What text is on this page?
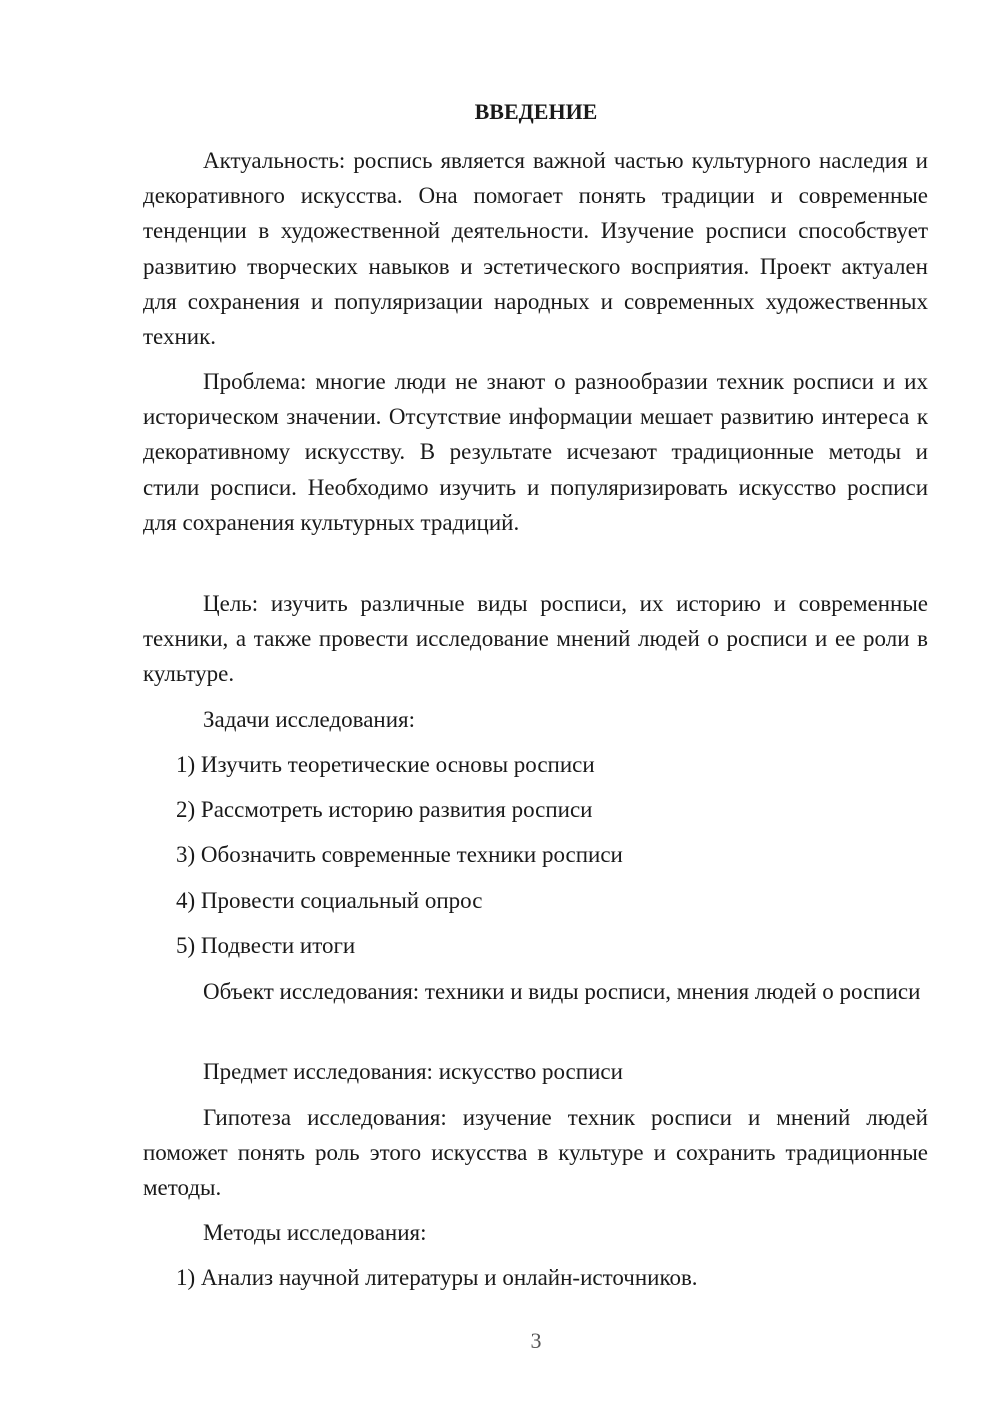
ВВЕДЕНИЕ

Актуальность: роспись является важной частью культурного наследия и декоративного искусства. Она помогает понять традиции и современные тенденции в художественной деятельности. Изучение росписи способствует развитию творческих навыков и эстетического восприятия. Проект актуален для сохранения и популяризации народных и современных художественных техник.

Проблема: многие люди не знают о разнообразии техник росписи и их историческом значении. Отсутствие информации мешает развитию интереса к декоративному искусству. В результате исчезают традиционные методы и стили росписи. Необходимо изучить и популяризировать искусство росписи для сохранения культурных традиций.

Цель: изучить различные виды росписи, их историю и современные техники, а также провести исследование мнений людей о росписи и ее роли в культуре.

Задачи исследования:

1) Изучить теоретические основы росписи

2) Рассмотреть историю развития росписи

3) Обозначить современные техники росписи

4) Провести социальный опрос

5) Подвести итоги

Объект исследования: техники и виды росписи, мнения людей о росписи

Предмет исследования: искусство росписи

Гипотеза исследования: изучение техник росписи и мнений людей поможет понять роль этого искусства в культуре и сохранить традиционные методы.

Методы исследования:

1) Анализ научной литературы и онлайн-источников.

3
